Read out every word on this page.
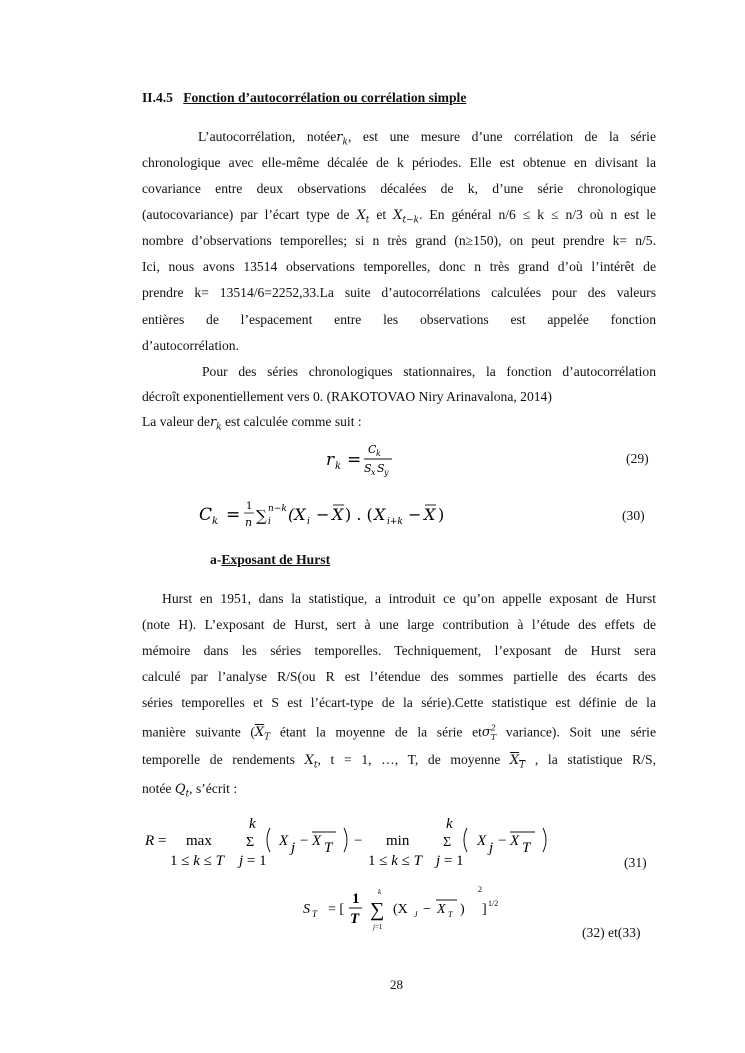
II.4.5 Fonction d’autocorrélation ou corrélation simple
L’autocorrélation, notéer$_k$, est une mesure d’une corrélation de la série
chronologique avec elle-même décalée de k périodes. Elle est obtenue en divisant la
covariance entre deux observations décalées de k, d’une série chronologique
(autocovariance) par l’écart type de $X_t$ et $X_{t-k}$. En général n/6 ≤ k ≤ n/3 où n est le
nombre d’observations temporelles; si n très grand (n≥150), on peut prendre k= n/5.
Ici, nous avons 13514 observations temporelles, donc n très grand d’où l’intérêt de
prendre k= 13514/6=2252,33.La suite d’autocorrélations calculées pour des valeurs
entières de l’espacement entre les observations est appelée fonction
d’autocorrélation.
Pour des séries chronologiques stationnaires, la fonction d’autocorrélation
décroît exponentiellement vers 0. (RAKOTOVAO Niry Arinavalona, 2014)
La valeur der$_k$ est calculée comme suit :
r k =
C k
S x S y
(29)
C k = 1
n ∑ n−k
i (X i − X ) . ( X i+k − X )	(30)
a-Exposant de Hurst
Hurst en 1951, dans la statistique, a introduit ce qu’on appelle exposant de Hurst
(note H). L’exposant de Hurst, sert à une large contribution à l’étude des effets de
mémoire dans les séries temporelles. Techniquement, l’exposant de Hurst sera
calculé par l’analyse R/S(ou R est l’étendue des sommes partielle des écarts des
séries temporelles et S est l’écart-type de la série).Cette statistique est définie de la
manière suivante ($\overline{X}_T$ étant la moyenne de la série etσ$^2_T$ variance). Soit une série
temporelle de rendements $X_t$, t = 1, …, T, de moyenne $X_T$ , la statistique R/S,
notée $Q_t$, s’écrit :
R = max
1 ≤ k ≤ T
k
Σ
j = 1
X j − X T − min
1 ≤ k ≤ T
k
Σ
j = 1
X j − X T
(31)
S T = [
1
T
k
∑
j=1
(X J − X T )
2
] 1/2
(32) et(33)
28
